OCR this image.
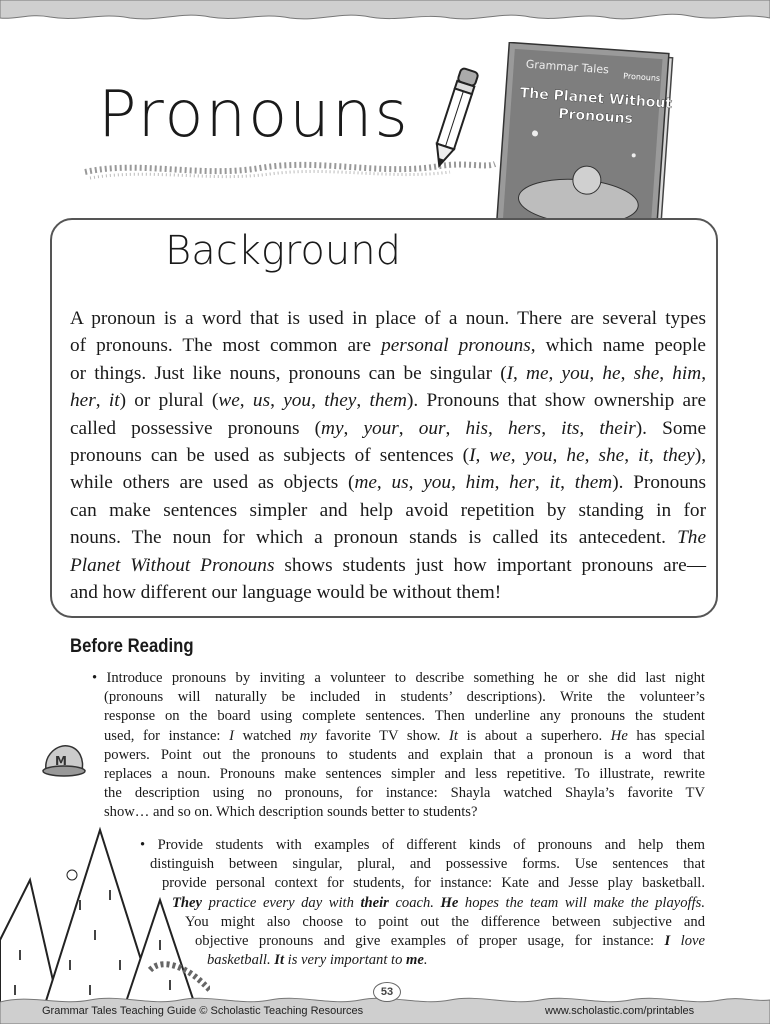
Pronouns
Grammar Tales
Pronouns
The Planet Without
Pronouns
Background
A pronoun is a word that is used in place of a noun. There are several types
of pronouns. The most common are personal pronouns, which name people
or things. Just like nouns, pronouns can be singular (I, me, you, he, she, him,
her, it) or plural (we, us, you, they, them). Pronouns that show ownership are
called possessive pronouns (my, your, our, his, hers, its, their). Some
pronouns can be used as subjects of sentences (I, we, you, he, she, it, they),
while others are used as objects (me, us, you, him, her, it, them). Pronouns
can make sentences simpler and help avoid repetition by standing in for
nouns. The noun for which a pronoun stands is called its antecedent. The
Planet Without Pronouns shows students just how important pronouns are—
and how different our language would be without them!
Before Reading
• Introduce pronouns by inviting a volunteer to describe something he or she did last night
(pronouns will naturally be included in students’ descriptions). Write the volunteer’s
response on the board using complete sentences. Then underline any pronouns the student
used, for instance: I watched my favorite TV show. It is about a superhero. He has special
powers. Point out the pronouns to students and explain that a pronoun is a word that
replaces a noun. Pronouns make sentences simpler and less repetitive. To illustrate, rewrite
the description using no pronouns, for instance: Shayla watched Shayla’s favorite TV
show… and so on. Which description sounds better to students?
• Provide students with examples of different kinds of pronouns and help them
distinguish between singular, plural, and possessive forms. Use sentences that
provide personal context for students, for instance: Kate and Jesse play basketball.
They practice every day with their coach. He hopes the team will make the playoffs.
You might also choose to point out the difference between subjective and
objective pronouns and give examples of proper usage, for instance: I love
basketball. It is very important to me.
M
53
Grammar Tales Teaching Guide © Scholastic Teaching Resources	www.scholastic.com/printables
